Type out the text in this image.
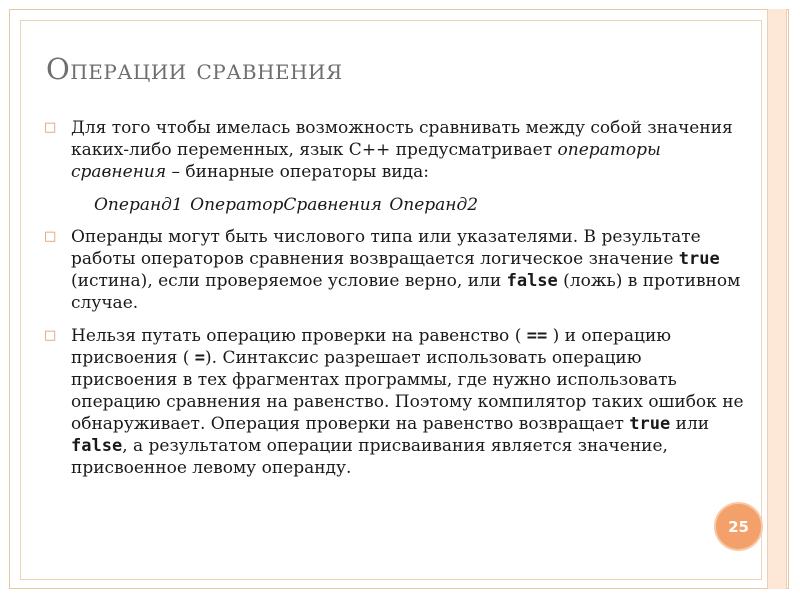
Операции сравнения

□ Для того чтобы имелась возможность сравнивать между собой значения каких-либо переменных, язык C++ предусматривает операторы сравнения – бинарные операторы вида:

Операнд1 ОператорСравнения Операнд2

□ Операнды могут быть числового типа или указателями. В результате работы операторов сравнения возвращается логическое значение true (истина), если проверяемое условие верно, или false (ложь) в противном случае.

□ Нельзя путать операцию проверки на равенство ( == ) и операцию присвоения ( =). Синтаксис разрешает использовать операцию присвоения в тех фрагментах программы, где нужно использовать операцию сравнения на равенство. Поэтому компилятор таких ошибок не обнаруживает. Операция проверки на равенство возвращает true или false, а результатом операции присваивания является значение, присвоенное левому операнду.

25
